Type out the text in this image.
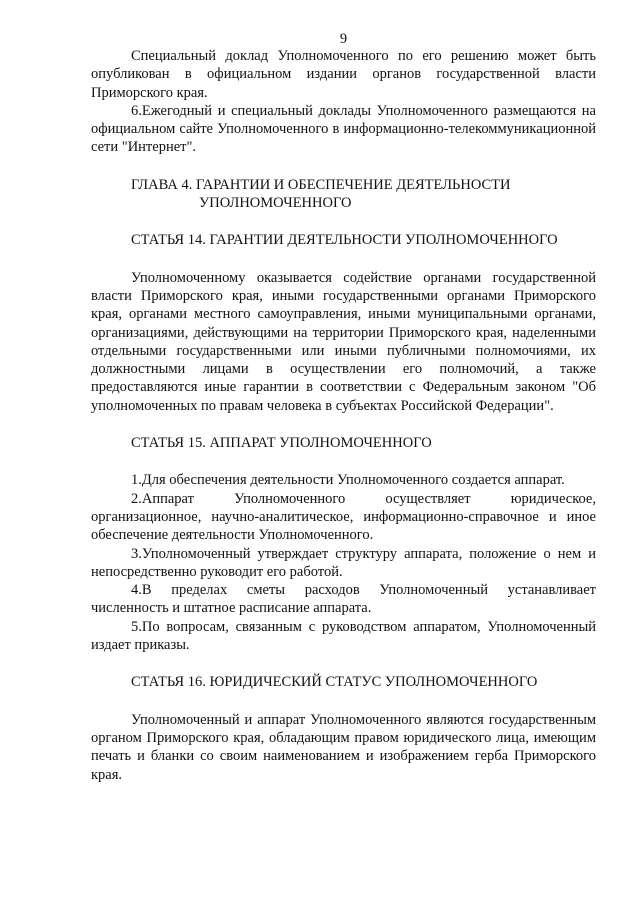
9

Специальный доклад Уполномоченного по его решению может быть опубликован в официальном издании органов государственной власти Приморского края.

6.Ежегодный и специальный доклады Уполномоченного размещаются на официальном сайте Уполномоченного в информационно-телекоммуникационной сети "Интернет".

ГЛАВА 4. ГАРАНТИИ И ОБЕСПЕЧЕНИЕ ДЕЯТЕЛЬНОСТИ УПОЛНОМОЧЕННОГО
СТАТЬЯ 14. ГАРАНТИИ ДЕЯТЕЛЬНОСТИ УПОЛНОМОЧЕННОГО

Уполномоченному оказывается содействие органами государственной власти Приморского края, иными государственными органами Приморского края, органами местного самоуправления, иными муниципальными органами, организациями, действующими на территории Приморского края, наделенными отдельными государственными или иными публичными полномочиями, их должностными лицами в осуществлении его полномочий, а также предоставляются иные гарантии в соответствии с Федеральным законом "Об уполномоченных по правам человека в субъектах Российской Федерации".

СТАТЬЯ 15. АППАРАТ УПОЛНОМОЧЕННОГО

1.Для обеспечения деятельности Уполномоченного создается аппарат.

2.Аппарат Уполномоченного осуществляет юридическое, организационное, научно-аналитическое, информационно-справочное и иное обеспечение деятельности Уполномоченного.

3.Уполномоченный утверждает структуру аппарата, положение о нем и непосредственно руководит его работой.

4.В пределах сметы расходов Уполномоченный устанавливает численность и штатное расписание аппарата.

5.По вопросам, связанным с руководством аппаратом, Уполномоченный издает приказы.

СТАТЬЯ 16. ЮРИДИЧЕСКИЙ СТАТУС УПОЛНОМОЧЕННОГО

Уполномоченный и аппарат Уполномоченного являются государственным органом Приморского края, обладающим правом юридического лица, имеющим печать и бланки со своим наименованием и изображением герба Приморского края.
